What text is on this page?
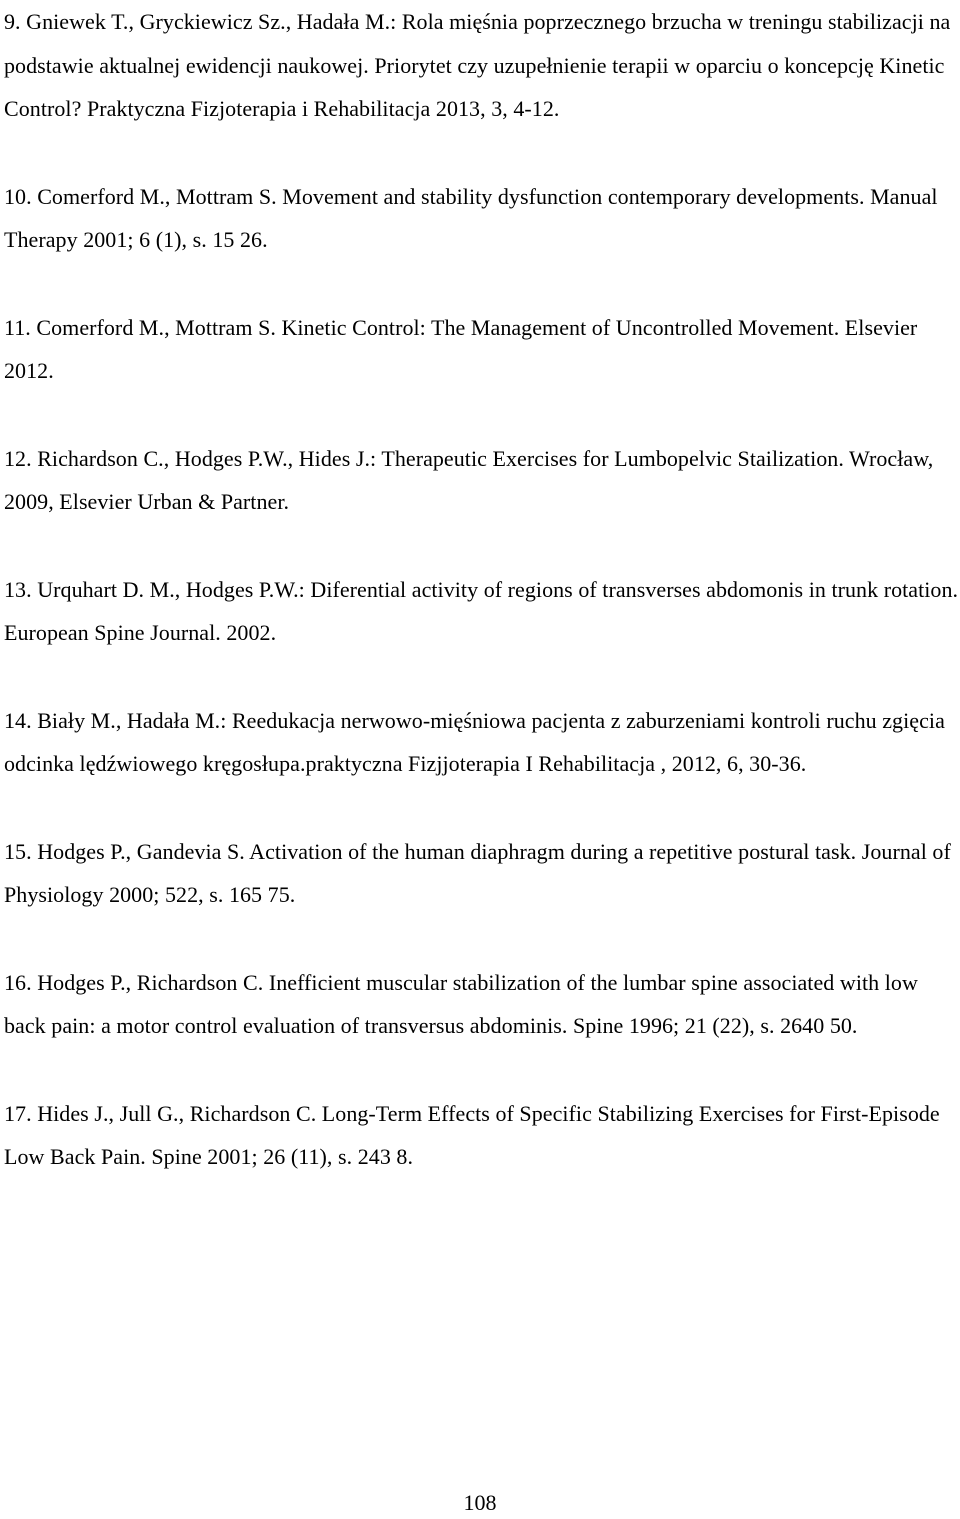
9. Gniewek T., Gryckiewicz Sz., Hadała M.: Rola mięśnia poprzecznego brzucha w treningu stabilizacji na podstawie aktualnej ewidencji naukowej. Priorytet czy uzupełnienie terapii w oparciu o koncepcję Kinetic Control? Praktyczna Fizjoterapia i Rehabilitacja 2013, 3, 4-12.

10. Comerford M., Mottram S. Movement and stability dysfunction contemporary developments. Manual Therapy 2001; 6 (1), s. 15 26.

11. Comerford M., Mottram S. Kinetic Control: The Management of Uncontrolled Movement. Elsevier 2012.

12. Richardson C., Hodges P.W., Hides J.: Therapeutic Exercises for Lumbopelvic Stailization. Wrocław, 2009, Elsevier Urban & Partner.

13. Urquhart D. M., Hodges P.W.: Diferential activity of regions of transverses abdomonis in trunk rotation. European Spine Journal. 2002.

14. Biały M., Hadała M.: Reedukacja nerwowo-mięśniowa pacjenta z zaburzeniami kontroli ruchu zgięcia odcinka lędźwiowego kręgosłupa.praktyczna Fizjjoterapia I Rehabilitacja , 2012, 6, 30-36.

15. Hodges P., Gandevia S. Activation of the human diaphragm during a repetitive postural task. Journal of Physiology 2000; 522, s. 165 75.

16. Hodges P., Richardson C. Inefficient muscular stabilization of the lumbar spine associated with low back pain: a motor control evaluation of transversus abdominis. Spine 1996; 21 (22), s. 2640 50.

17. Hides J., Jull G., Richardson C. Long-Term Effects of Specific Stabilizing Exercises for First-Episode Low Back Pain. Spine 2001; 26 (11), s. 243 8.

108
